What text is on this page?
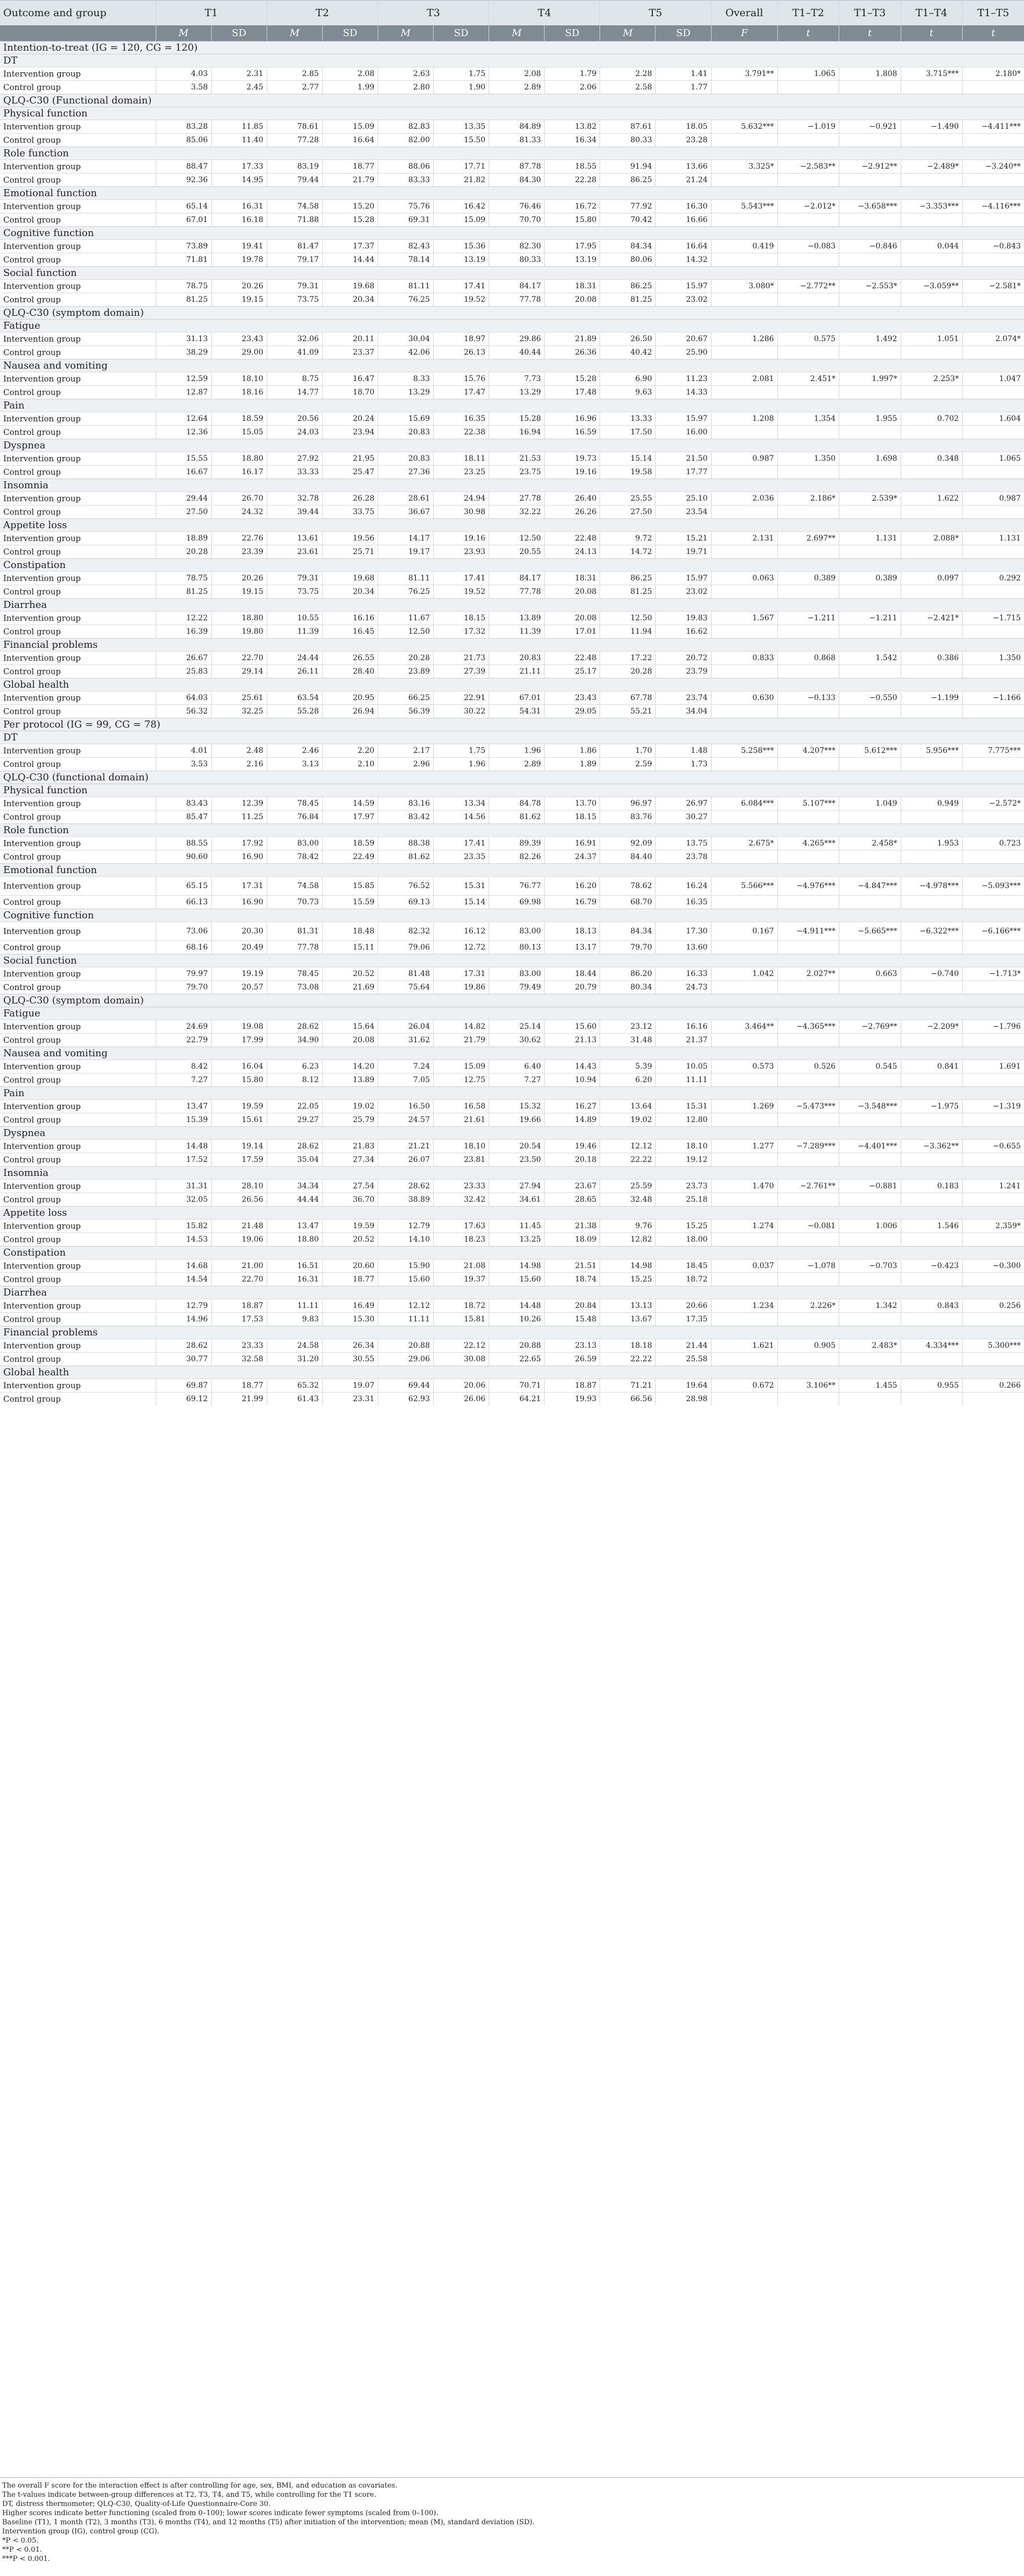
Outcome and group	T1		T2		T3		T4		T5		Overall	T1–T2	T1–T3	T1–T4	T1–T5
	M	SD	M	SD	M	SD	M	SD	M	SD	F	t	t	t	t
Intention-to-treat (IG = 120, CG = 120)															
DT															
Intervention group	4.03	2.31	2.85	2.08	2.63	1.75	2.08	1.79	2.28	1.41	3.791**	1.065	1.808	3.715***	2.180*
Control group	3.58	2.45	2.77	1.99	2.80	1.90	2.89	2.06	2.58	1.77					
QLQ-C30 (Functional domain)															
Physical function															
Intervention group	83.28	11.85	78.61	15.09	82.83	13.35	84.89	13.82	87.61	18.05	5.632***	−1.019	−0.921	−1.490	−4.411***
Control group	85.06	11.40	77.28	16.64	82.00	15.50	81.33	16.34	80.33	23.28					
Role function															
Intervention group	88.47	17.33	83.19	18.77	88.06	17.71	87.78	18.55	91.94	13.66	3.325*	−2.583**	−2.912**	−2.489*	−3.240**
Control group	92.36	14.95	79.44	21.79	83.33	21.82	84.30	22.28	86.25	21.24					
Emotional function															
Intervention group	65.14	16.31	74.58	15.20	75.76	16.42	76.46	16.72	77.92	16.30	5.543***	−2.012*	−3.658***	−3.353***	−4.116***
Control group	67.01	16.18	71.88	15.28	69.31	15.09	70.70	15.80	70.42	16.66					
Cognitive function															
Intervention group	73.89	19.41	81.47	17.37	82.43	15.36	82.30	17.95	84.34	16.64	0.419	−0.083	−0.846	0.044	−0.843
Control group	71.81	19.78	79.17	14.44	78.14	13.19	80.33	13.19	80.06	14.32					
Social function															
Intervention group	78.75	20.26	79.31	19.68	81.11	17.41	84.17	18.31	86.25	15.97	3.080*	−2.772**	−2.553*	−3.059**	−2.581*
Control group	81.25	19.15	73.75	20.34	76.25	19.52	77.78	20.08	81.25	23.02					
QLQ-C30 (symptom domain)															
Fatigue															
Intervention group	31.13	23.43	32.06	20.11	30.04	18.97	29.86	21.89	26.50	20.67	1.286	0.575	1.492	1.051	2.074*
Control group	38.29	29.00	41.09	23.37	42.06	26.13	40.44	26.36	40.42	25.90					
Nausea and vomiting															
Intervention group	12.59	18.10	8.75	16.47	8.33	15.76	7.73	15.28	6.90	11.23	2.081	2.451*	1.997*	2.253*	1.047
Control group	12.87	18.16	14.77	18.70	13.29	17.47	13.29	17.48	9.63	14.33					
Pain															
Intervention group	12.64	18.59	20.56	20.24	15.69	16.35	15.28	16.96	13.33	15.97	1.208	1.354	1.955	0.702	1.604
Control group	12.36	15.05	24.03	23.94	20.83	22.38	16.94	16.59	17.50	16.00					
Dyspnea															
Intervention group	15.55	18.80	27.92	21.95	20.83	18.11	21.53	19.73	15.14	21.50	0.987	1.350	1.698	0.348	1.065
Control group	16.67	16.17	33.33	25.47	27.36	23.25	23.75	19.16	19.58	17.77					
Insomnia															
Intervention group	29.44	26.70	32.78	26.28	28.61	24.94	27.78	26.40	25.55	25.10	2.036	2.186*	2.539*	1.622	0.987
Control group	27.50	24.32	39.44	33.75	36.67	30.98	32.22	26.26	27.50	23.54					
Appetite loss															
Intervention group	18.89	22.76	13.61	19.56	14.17	19.16	12.50	22.48	9.72	15.21	2.131	2.697**	1.131	2.088*	1.131
Control group	20.28	23.39	23.61	25.71	19.17	23.93	20.55	24.13	14.72	19.71					
Constipation															
Intervention group	78.75	20.26	79.31	19.68	81.11	17.41	84.17	18.31	86.25	15.97	0.063	0.389	0.389	0.097	0.292
Control group	81.25	19.15	73.75	20.34	76.25	19.52	77.78	20.08	81.25	23.02					
Diarrhea															
Intervention group	12.22	18.80	10.55	16.16	11.67	18.15	13.89	20.08	12.50	19.83	1.567	−1.211	−1.211	−2.421*	−1.715
Control group	16.39	19.80	11.39	16.45	12.50	17.32	11.39	17.01	11.94	16.62					
Financial problems															
Intervention group	26.67	22.70	24.44	26.55	20.28	21.73	20.83	22.48	17.22	20.72	0.833	0.868	1.542	0.386	1.350
Control group	25.83	29.14	26.11	28.40	23.89	27.39	21.11	25.17	20.28	23.79					
Global health															
Intervention group	64.03	25.61	63.54	20.95	66.25	22.91	67.01	23.43	67.78	23.74	0.630	−0.133	−0.550	−1.199	−1.166
Control group	56.32	32.25	55.28	26.94	56.39	30.22	54.31	29.05	55.21	34.04					
Per protocol (IG = 99, CG = 78)															
DT															
Intervention group	4.01	2.48	2.46	2.20	2.17	1.75	1.96	1.86	1.70	1.48	5.258***	4.207***	5.612***	5.956***	7.775***
Control group	3.53	2.16	3.13	2.10	2.96	1.96	2.89	1.89	2.59	1.73					
QLQ-C30 (functional domain)															
Physical function															
Intervention group	83.43	12.39	78.45	14.59	83.16	13.34	84.78	13.70	96.97	26.97	6.084***	5.107***	1.049	0.949	−2.572*
Control group	85.47	11.25	76.84	17.97	83.42	14.56	81.62	18.15	83.76	30.27					
Role function															
Intervention group	88.55	17.92	83.00	18.59	88.38	17.41	89.39	16.91	92.09	13.75	2.675*	4.265***	2.458*	1.953	0.723
Control group	90.60	16.90	78.42	22.49	81.62	23.35	82.26	24.37	84.40	23.78					
Emotional function															
Intervention group	65.15	17.31	74.58	15.85	76.52	15.31	76.77	16.20	78.62	16.24	5.566***	−4.976***	−4.847***	−4.978***	−5.093***
Control group	66.13	16.90	70.73	15.59	69.13	15.14	69.98	16.79	68.70	16.35					
Cognitive function															
Intervention group	73.06	20.30	81.31	18.48	82.32	16.12	83.00	18.13	84.34	17.30	0.167	−4.911***	−5.665***	−6.322***	−6.166***
Control group	68.16	20.49	77.78	15.11	79.06	12.72	80.13	13.17	79.70	13.60					
Social function															
Intervention group	79.97	19.19	78.45	20.52	81.48	17.31	83.00	18.44	86.20	16.33	1.042	2.027**	0.663	−0.740	−1.713*
Control group	79.70	20.57	73.08	21.69	75.64	19.86	79.49	20.79	80.34	24.73					
QLQ-C30 (symptom domain)															
Fatigue															
Intervention group	24.69	19.08	28.62	15.64	26.04	14.82	25.14	15.60	23.12	16.16	3.464**	−4.365***	−2.769**	−2.209*	−1.796
Control group	22.79	17.99	34.90	20.08	31.62	21.79	30.62	21.13	31.48	21.37					
Nausea and vomiting															
Intervention group	8.42	16.04	6.23	14.20	7.24	15.09	6.40	14.43	5.39	10.05	0.573	0.526	0.545	0.841	1.691
Control group	7.27	15.80	8.12	13.89	7.05	12.75	7.27	10.94	6.20	11.11					
Pain															
Intervention group	13.47	19.59	22.05	19.02	16.50	16.58	15.32	16.27	13.64	15.31	1.269	−5.473***	−3.548***	−1.975	−1.319
Control group	15.39	15.61	29.27	25.79	24.57	21.61	19.66	14.89	19.02	12.80					
Dyspnea															
Intervention group	14.48	19.14	28.62	21.83	21.21	18.10	20.54	19.46	12.12	18.10	1.277	−7.289***	−4.401***	−3.362**	−0.655
Control group	17.52	17.59	35.04	27.34	26.07	23.81	23.50	20.18	22.22	19.12					
Insomnia															
Intervention group	31.31	28.10	34.34	27.54	28.62	23.33	27.94	23.67	25.59	23.73	1.470	−2.761**	−0.881	0.183	1.241
Control group	32.05	26.56	44.44	36.70	38.89	32.42	34.61	28.65	32.48	25.18					
Appetite loss															
Intervention group	15.82	21.48	13.47	19.59	12.79	17.63	11.45	21.38	9.76	15.25	1.274	−0.081	1.006	1.546	2.359*
Control group	14.53	19.06	18.80	20.52	14.10	18.23	13.25	18.09	12.82	18.00					
Constipation															
Intervention group	14.68	21.00	16.51	20.60	15.90	21.08	14.98	21.51	14.98	18.45	0.037	−1.078	−0.703	−0.423	−0.300
Control group	14.54	22.70	16.31	18.77	15.60	19.37	15.60	18.74	15.25	18.72					
Diarrhea															
Intervention group	12.79	18.87	11.11	16.49	12.12	18.72	14.48	20.84	13.13	20.66	1.234	2.226*	1.342	0.843	0.256
Control group	14.96	17.53	9.83	15.30	11.11	15.81	10.26	15.48	13.67	17.35					
Financial problems															
Intervention group	28.62	23.33	24.58	26.34	20.88	22.12	20.88	23.13	18.18	21.44	1.621	0.905	2.483*	4.334***	5.300***
Control group	30.77	32.58	31.20	30.55	29.06	30.08	22.65	26.59	22.22	25.58					
Global health															
Intervention group	69.87	18.77	65.32	19.07	69.44	20.06	70.71	18.87	71.21	19.64	0.672	3.106**	1.455	0.955	0.266
Control group	69.12	21.99	61.43	23.31	62.93	26.06	64.21	19.93	66.56	28.98					
The overall F score for the interaction effect is after controlling for age, sex, BMI, and education as covariates.
The t-values indicate between-group differences at T2, T3, T4, and T5, while controlling for the T1 score.
DT, distress thermometer; QLQ-C30, Quality-of-Life Questionnaire-Core 30.
Higher scores indicate better functioning (scaled from 0–100); lower scores indicate fewer symptoms (scaled from 0–100).
Baseline (T1), 1 month (T2), 3 months (T3), 6 months (T4), and 12 months (T5) after initiation of the intervention; mean (M), standard deviation (SD).
Intervention group (IG), control group (CG).
*P < 0.05.
**P < 0.01.
***P < 0.001.
